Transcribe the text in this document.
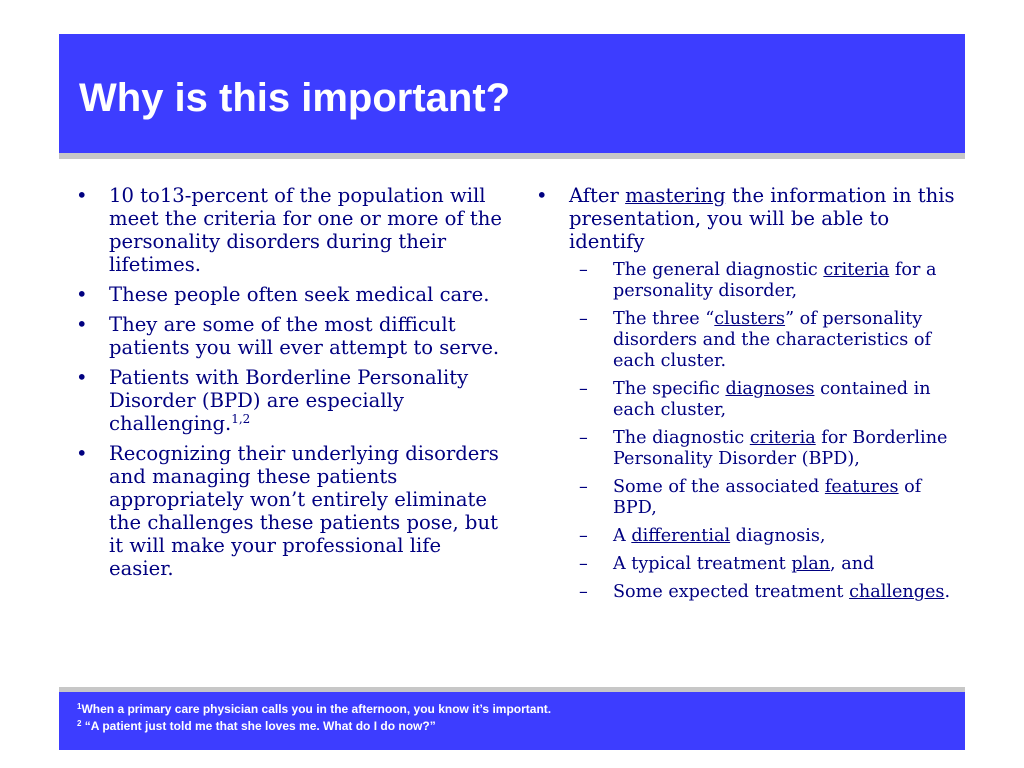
Why is this important?
• 10 to13-percent of the population will meet the criteria for one or more of the personality disorders during their lifetimes.
• These people often seek medical care.
• They are some of the most difficult patients you will ever attempt to serve.
• Patients with Borderline Personality Disorder (BPD) are especially challenging.$^{1,2}$
• Recognizing their underlying disorders and managing these patients appropriately won’t entirely eliminate the challenges these patients pose, but it will make your professional life easier.
• After mastering the information in this presentation, you will be able to identify
– The general diagnostic criteria for a personality disorder,
– The three “clusters” of personality disorders and the characteristics of each cluster.
– The specific diagnoses contained in each cluster,
– The diagnostic criteria for Borderline Personality Disorder (BPD),
– Some of the associated features of BPD,
– A differential diagnosis,
– A typical treatment plan, and
– Some expected treatment challenges.

$^1$When a primary care physician calls you in the afternoon, you know it’s important.

$^2$ “A patient just told me that she loves me. What do I do now?”
